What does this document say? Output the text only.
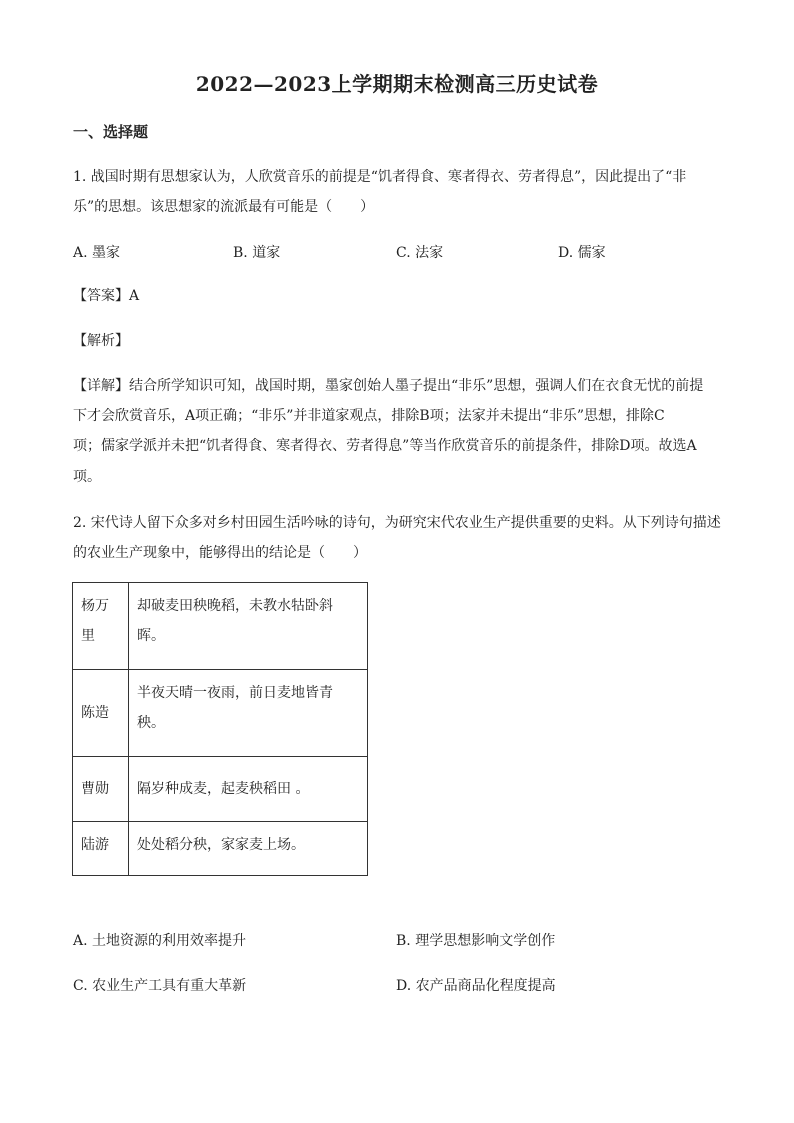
2022—2023上学期期末检测高三历史试卷
一、选择题
1. 战国时期有思想家认为，人欣赏音乐的前提是“饥者得食、寒者得衣、劳者得息”，因此提出了“非
乐”的思想。该思想家的流派最有可能是（　　）
A. 墨家	B. 道家	C. 法家	D. 儒家
【答案】A
【解析】
【详解】结合所学知识可知，战国时期，墨家创始人墨子提出“非乐”思想，强调人们在衣食无忧的前提
下才会欣赏音乐，A项正确；“非乐”并非道家观点，排除B项；法家并未提出“非乐”思想，排除C
项；儒家学派并未把“饥者得食、寒者得衣、劳者得息”等当作欣赏音乐的前提条件，排除D项。故选A
项。
2. 宋代诗人留下众多对乡村田园生活吟咏的诗句，为研究宋代农业生产提供重要的史料。从下列诗句描述
的农业生产现象中，能够得出的结论是（　　）
杨万里	却破麦田秧晚稻，未教水牯卧斜晖。
陈造	半夜天晴一夜雨，前日麦地皆青秧。
曹勋	隔岁种成麦，起麦秧稻田 。
陆游	处处稻分秧，家家麦上场。
A. 土地资源的利用效率提升	B. 理学思想影响文学创作
C. 农业生产工具有重大革新	D. 农产品商品化程度提高
